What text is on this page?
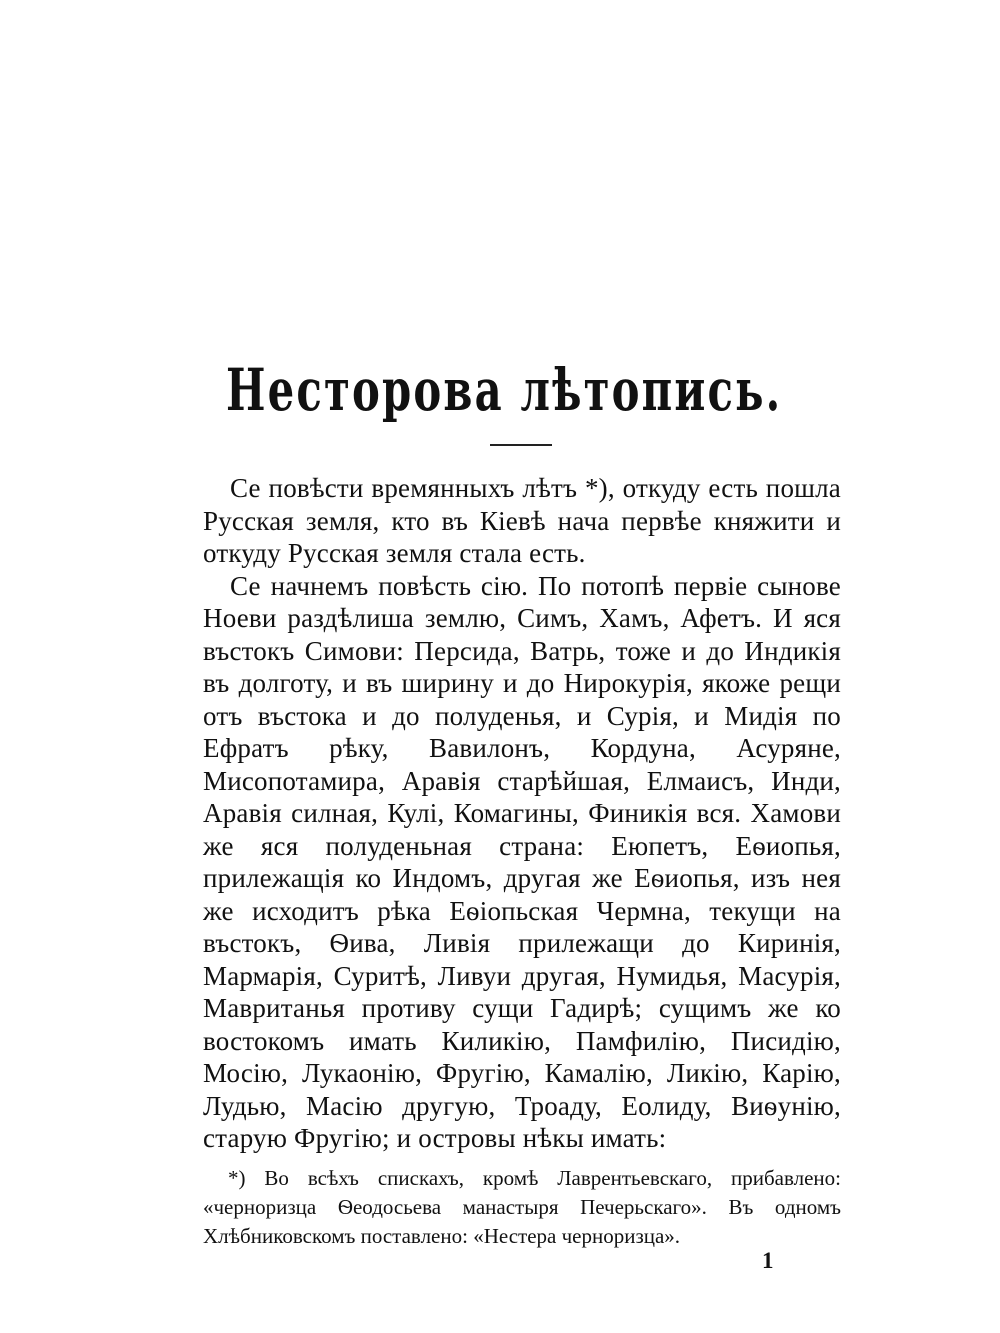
Несторова лѣтопись.

Се повѣсти времянныхъ лѣтъ *), откуду есть пошла Русская земля, кто въ Кіевѣ нача первѣе княжити и откуду Русская земля стала есть.

Се начнемъ повѣсть сію. По потопѣ первіе сынове Ноеви раздѣлиша землю, Симъ, Хамъ, Афетъ. И яся въстокъ Симови: Персида, Ватрь, тоже и до Индикія въ долготу, и въ ширину и до Нирокурія, якоже рещи отъ въстока и до полуденья, и Сурія, и Мидія по Ефратъ рѣку, Вавилонъ, Кордуна, Асуряне, Мисопотамира, Аравія старѣйшая, Елмаисъ, Инди, Аравія силная, Кулі, Комагины, Финикія вся. Хамови же яся полуденьная страна: Еюпетъ, Еѳиопья, прилежащія ко Индомъ, другая же Еѳиопья, изъ нея же исходитъ рѣка Еѳіопьская Чермна, текущи на въстокъ, Ѳива, Ливія прилежащи до Киринія, Мармарія, Суритѣ, Ливуи другая, Нумидья, Масурія, Мавританья противу сущи Гадирѣ; сущимъ же ко востокомъ имать Киликію, Памфилію, Писидію, Мосію, Лукаонію, Фругію, Камалію, Ликію, Карію, Лудью, Масію другую, Троаду, Еолиду, Виѳунію, старую Фругію; и островы нѣкы имать:

*) Во всѣхъ спискахъ, кромѣ Лаврентьевскаго, прибавлено: «черноризца Ѳеодосьева манастыря Печерьскаго». Въ одномъ Хлѣбниковскомъ поставлено: «Нестера черноризца».

1
